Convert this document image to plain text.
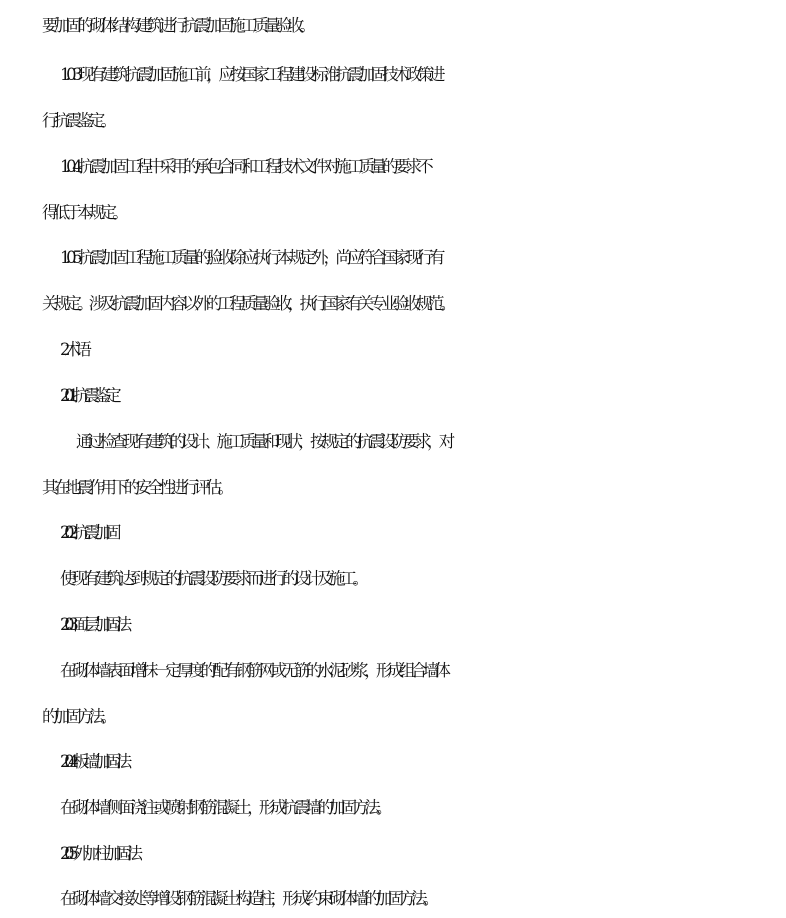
要加固的砌体结构建筑进行抗震加固施工质量验收。
1.0.3现有建筑抗震加固施工前，应按国家工程建设标准抗震加固技术政策进
行抗震鉴定。
1.0.4抗震加固工程中采用的承包合同和工程技术文件对施工质量的要求不
得低于本规定。
1.0.5抗震加固工程施工质量的验收除应执行本规定外，尚应符合国家现行有
关规定。涉及抗震加固内容以外的工程质量验收，执行国家有关专业验收规范。
2术语
2.0.1抗震鉴定
通过检查现有建筑的设计、施工质量和现状，按规定的抗震设防要求，对
其在地震作用下的安全性进行评估。
2.0.2抗震加固
使现有建筑达到规定的抗震设防要求而进行的设计及施工。
2.0.3面层加固法
在砌体墙表面增抹一定厚度的配有钢筋网或无筋的水泥砂浆，形成组合墙体
的加固方法。
2.0.4板墙加固法
在砌体墙侧面浇注或喷射钢筋混凝土，形成抗震墙的加固方法。
2.0.5外加柱加固法
在砌体墙交接处等增设钢筋混凝土构造柱，形成约束砌体墙的加固方法。
